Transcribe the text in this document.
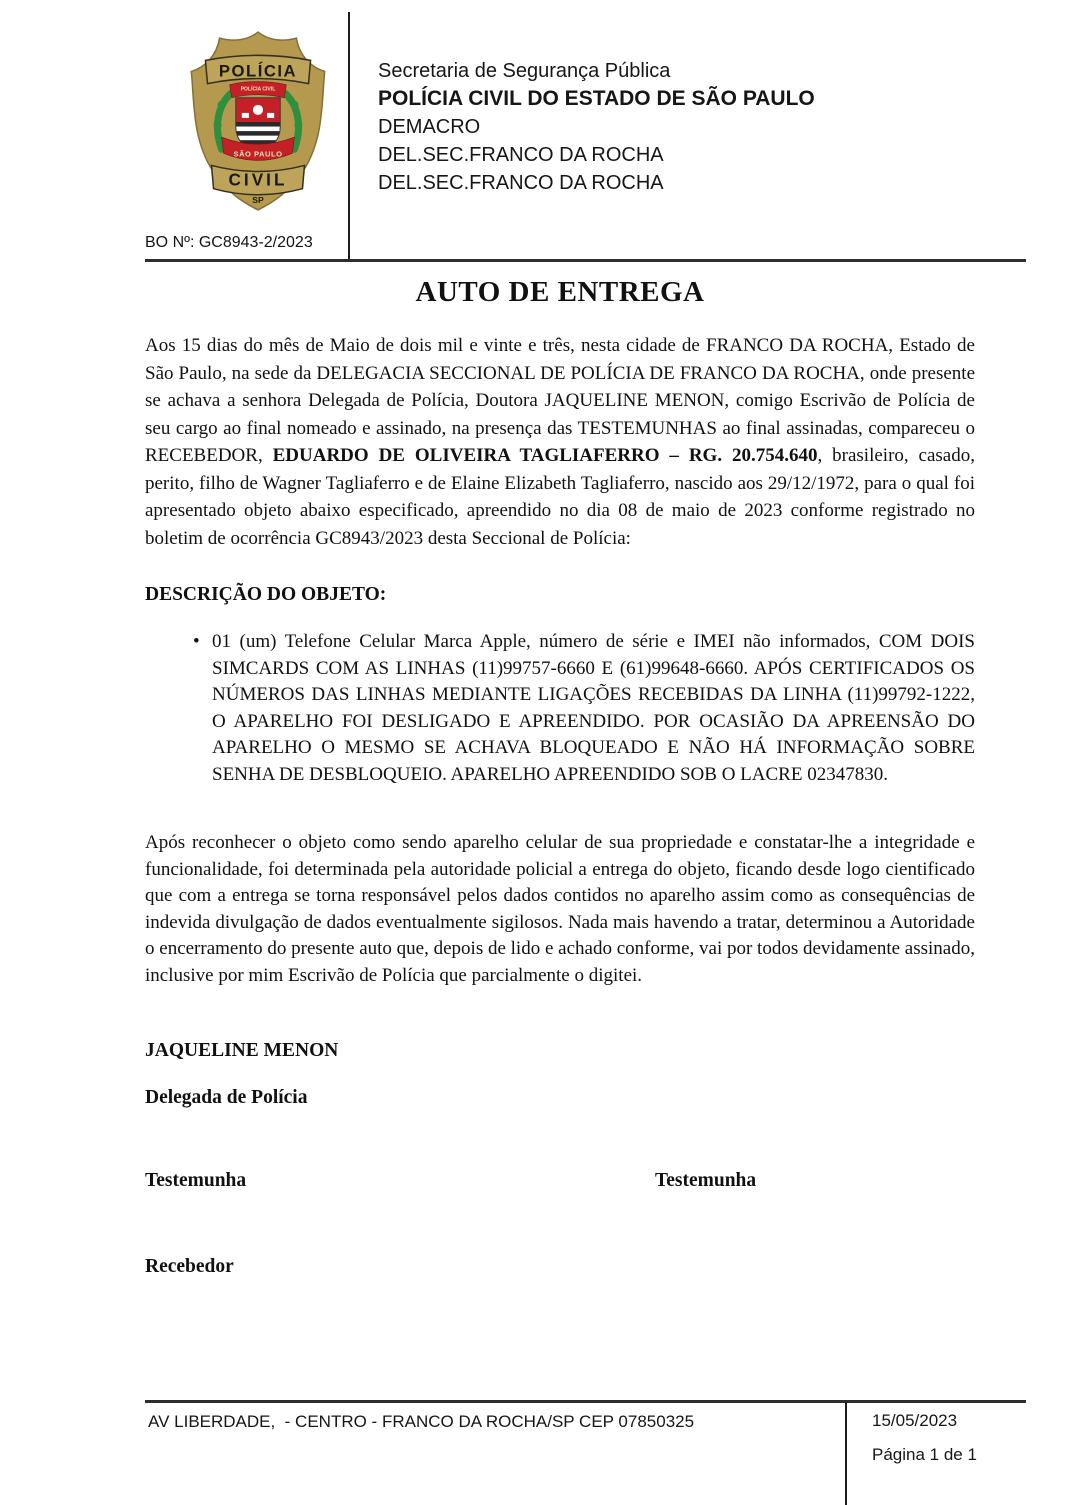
POLÍCIA CIVIL
SÃO PAULO
POLÍCIA
CIVIL
SP
Secretaria de Segurança Pública
POLÍCIA CIVIL DO ESTADO DE SÃO PAULO
DEMACRO
DEL.SEC.FRANCO DA ROCHA
DEL.SEC.FRANCO DA ROCHA
BO Nº: GC8943-2/2023
AUTO DE ENTREGA

Aos 15 dias do mês de Maio de dois mil e vinte e três, nesta cidade de FRANCO DA ROCHA, Estado de São Paulo, na sede da DELEGACIA SECCIONAL DE POLÍCIA DE FRANCO DA ROCHA, onde presente se achava a senhora Delegada de Polícia, Doutora JAQUELINE MENON, comigo Escrivão de Polícia de seu cargo ao final nomeado e assinado, na presença das TESTEMUNHAS ao final assinadas, compareceu o RECEBEDOR, EDUARDO DE OLIVEIRA TAGLIAFERRO – RG. 20.754.640, brasileiro, casado, perito, filho de Wagner Tagliaferro e de Elaine Elizabeth Tagliaferro, nascido aos 29/12/1972, para o qual foi apresentado objeto abaixo especificado, apreendido no dia 08 de maio de 2023 conforme registrado no boletim de ocorrência GC8943/2023 desta Seccional de Polícia:

DESCRIÇÃO DO OBJETO:
• 01 (um) Telefone Celular Marca Apple, número de série e IMEI não informados, COM DOIS SIMCARDS COM AS LINHAS (11)99757-6660 E (61)99648-6660. APÓS CERTIFICADOS OS NÚMEROS DAS LINHAS MEDIANTE LIGAÇÕES RECEBIDAS DA LINHA (11)99792-1222, O APARELHO FOI DESLIGADO E APREENDIDO. POR OCASIÃO DA APREENSÃO DO APARELHO O MESMO SE ACHAVA BLOQUEADO E NÃO HÁ INFORMAÇÃO SOBRE SENHA DE DESBLOQUEIO. APARELHO APREENDIDO SOB O LACRE 02347830.

Após reconhecer o objeto como sendo aparelho celular de sua propriedade e constatar-lhe a integridade e funcionalidade, foi determinada pela autoridade policial a entrega do objeto, ficando desde logo cientificado que com a entrega se torna responsável pelos dados contidos no aparelho assim como as consequências de indevida divulgação de dados eventualmente sigilosos. Nada mais havendo a tratar, determinou a Autoridade o encerramento do presente auto que, depois de lido e achado conforme, vai por todos devidamente assinado, inclusive por mim Escrivão de Polícia que parcialmente o digitei.

JAQUELINE MENON

Delegada de Polícia

Testemunha	Testemunha

Recebedor

AV LIBERDADE,  - CENTRO - FRANCO DA ROCHA/SP CEP 07850325	15/05/2023
Página 1 de 1
